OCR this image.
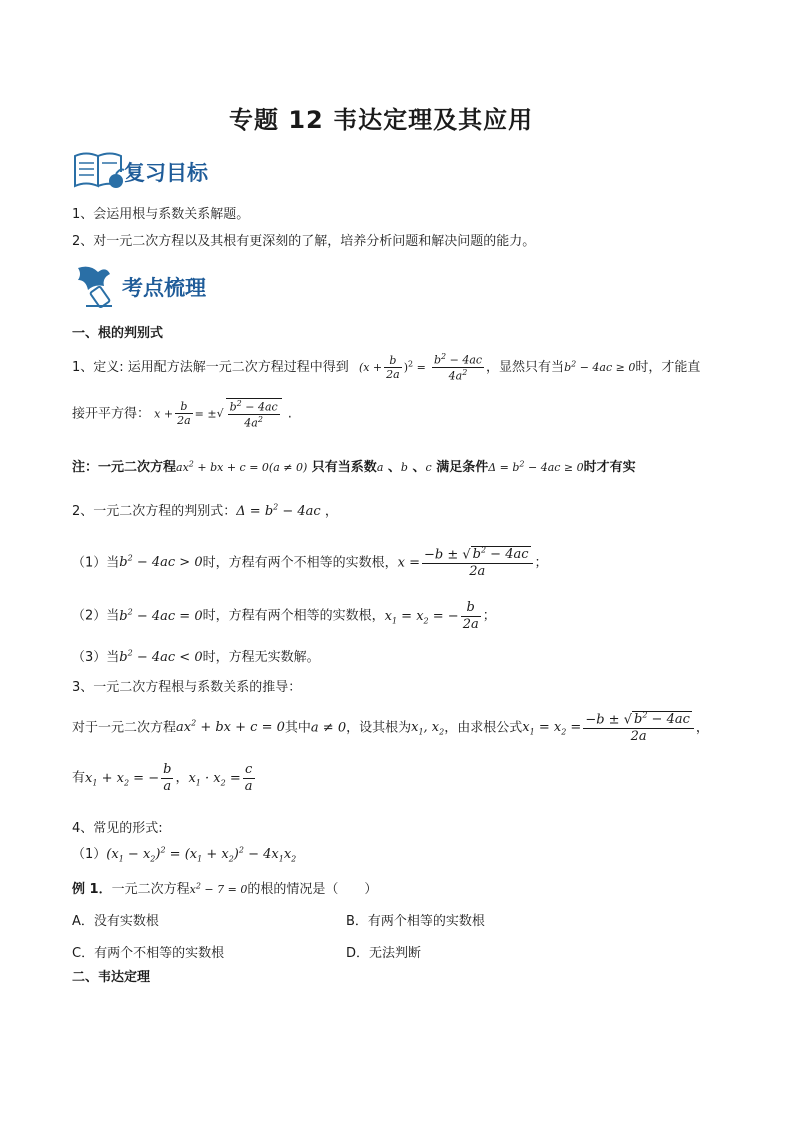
专题 12 韦达定理及其应用
复习目标
1、会运用根与系数关系解题。
2、对一元二次方程以及其根有更深刻的了解，培养分析问题和解决问题的能力。
考点梳理
一、根的判别式
1、定义: 运用配方法解一元二次方程过程中得到 $(x + \frac{b}{2a} )^2 = \frac{b^2 - 4ac}{4a^2}$ ，显然只有当$b^2 - 4ac \ge 0$时，才能直
接开平方得： $x + \frac{b}{2a}$ = ±√ $\frac{b^2 - 4ac}{4a^2}$ .
注：一元二次方程$ax^2$ + bx + c = 0(a ≠ 0) 只有当系数a 、b 、c 满足条件$\Delta = b^2 - 4ac \ge 0$时才有实
2、一元二次方程的判别式：$\Delta = b^2 - 4ac$ ，
（1）当$b^2 - 4ac > 0$时，方程有两个不相等的实数根，$x = \frac{-b \pm √ b^2 - 4ac}{2a}$ ；
（2）当$b^2 - 4ac = 0$时，方程有两个相等的实数根，$x_1 = x_2$ = − $\frac{b}{2a}$ ；
（3）当$b^2 - 4ac < 0$时，方程无实数解。
3、一元二次方程根与系数关系的推导：
对于一元二次方程$ax^2$ + bx + c = 0其中a ≠ 0，设其根为$x_1$, $x_2$，由求根公式$x_1 = x_2 = \frac{-b \pm √ b^2 - 4ac}{2a}$ ，
有$x_1 + x_2$ = − $\frac{b}{a}$ ，$x_1 \cdot x_2 = \frac{c}{a}$
4、常见的形式:
$(1)(x_1 - x_2)^2 = (x_1 + x_2)^2 - 4x_1x_2$
例 1．一元二次方程$x^2 - 7 = 0$的根的情况是（　　）
A．没有实数根	B．有两个相等的实数根
C．有两个不相等的实数根	D．无法判断
二、韦达定理
